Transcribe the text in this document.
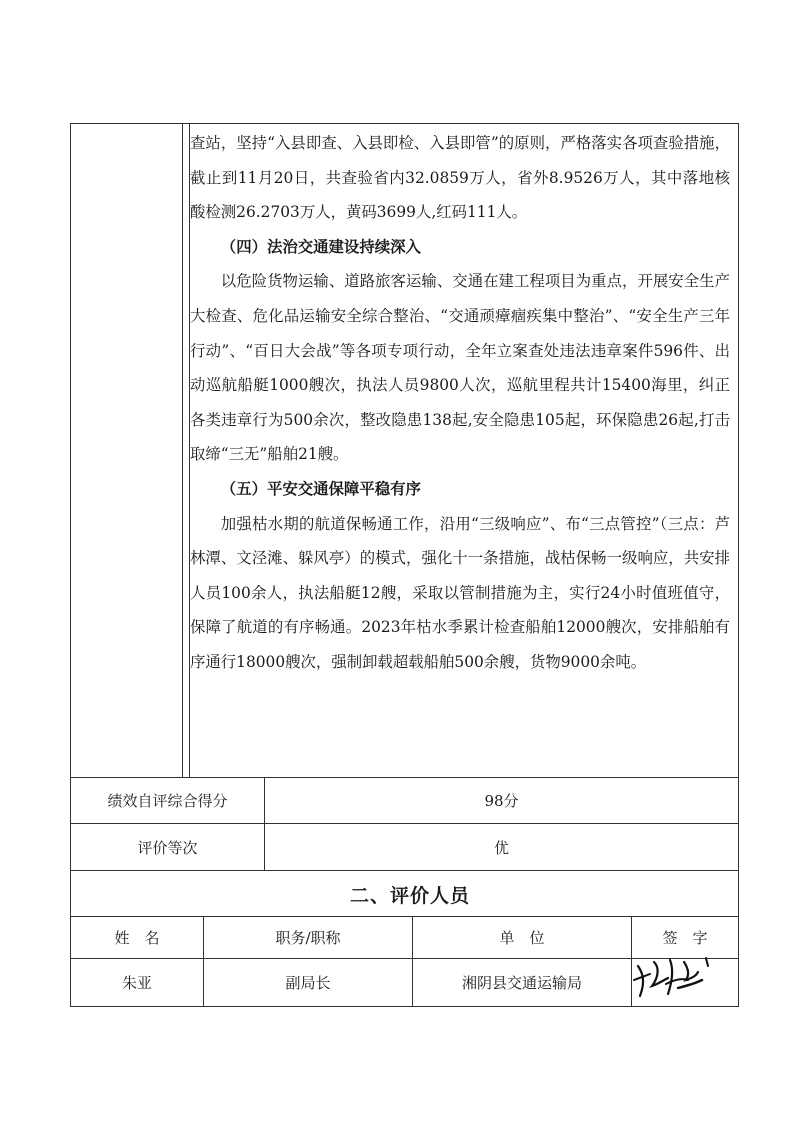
查站，坚持“入县即查、入县即检、入县即管”的原则，严格落实各项查验措施，截止到11月20日，共查验省内32.0859万人，省外8.9526万人，其中落地核酸检测26.2703万人，黄码3699人,红码111人。

（四）法治交通建设持续深入

以危险货物运输、道路旅客运输、交通在建工程项目为重点，开展安全生产大检查、危化品运输安全综合整治、“交通顽瘴痼疾集中整治”、“安全生产三年行动”、“百日大会战”等各项专项行动，全年立案查处违法违章案件596件、出动巡航船艇1000艘次，执法人员9800人次，巡航里程共计15400海里，纠正各类违章行为500余次，整改隐患138起,安全隐患105起，环保隐患26起,打击取缔“三无”船舶21艘。

（五）平安交通保障平稳有序

加强枯水期的航道保畅通工作，沿用“三级响应”、布“三点管控”（三点：芦林潭、文泾滩、躲风亭）的模式，强化十一条措施，战枯保畅一级响应，共安排人员100余人，执法船艇12艘，采取以管制措施为主，实行24小时值班值守，保障了航道的有序畅通。2023年枯水季累计检查船舶12000艘次，安排船舶有序通行18000艘次，强制卸载超载船舶500余艘，货物9000余吨。

绩效自评综合得分	98分
评价等次	优
二、评价人员
姓　名	职务/职称	单　位	签　字
朱亚	副局长	湘阴县交通运输局
